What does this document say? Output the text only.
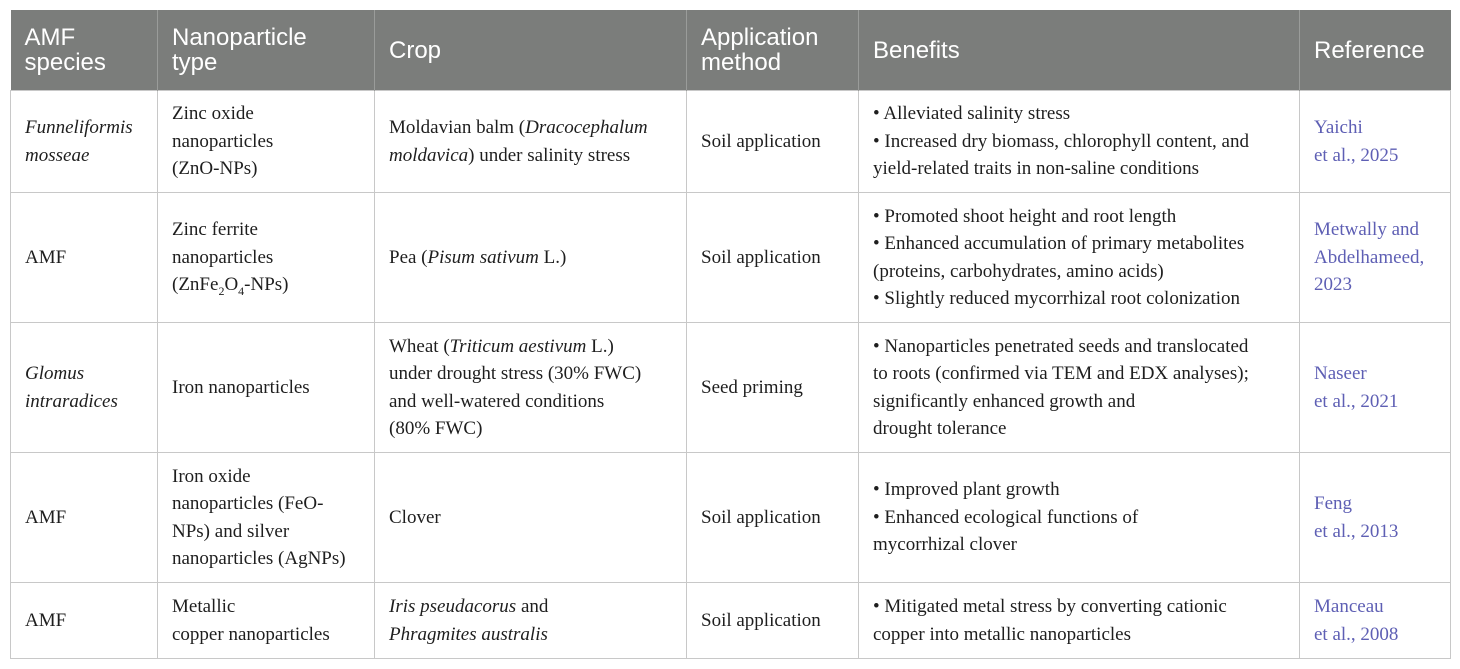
AMF
species	Nanoparticle
type	Crop	Application
method	Benefits	Reference
Funneliformis
mosseae	Zinc oxide
nanoparticles
(ZnO-NPs)	Moldavian balm (Dracocephalum
moldavica) under salinity stress	Soil application	• Alleviated salinity stress
• Increased dry biomass, chlorophyll content, and
yield-related traits in non-saline conditions	Yaichi
et al., 2025
AMF	Zinc ferrite
nanoparticles
$(ZnFe_2O_4-NPs)$	Pea (Pisum sativum L.)	Soil application	• Promoted shoot height and root length
• Enhanced accumulation of primary metabolites
(proteins, carbohydrates, amino acids)
• Slightly reduced mycorrhizal root colonization	Metwally and
Abdelhameed,
2023
Glomus
intraradices	Iron nanoparticles	Wheat (Triticum aestivum L.)
under drought stress (30% FWC)
and well-watered conditions
(80% FWC)	Seed priming	• Nanoparticles penetrated seeds and translocated
to roots (confirmed via TEM and EDX analyses);
significantly enhanced growth and
drought tolerance	Naseer
et al., 2021
AMF	Iron oxide
nanoparticles (FeO-
NPs) and silver
nanoparticles (AgNPs)	Clover	Soil application	• Improved plant growth
• Enhanced ecological functions of
mycorrhizal clover	Feng
et al., 2013
AMF	Metallic
copper nanoparticles	Iris pseudacorus and
Phragmites australis	Soil application	• Mitigated metal stress by converting cationic
copper into metallic nanoparticles	Manceau
et al., 2008
